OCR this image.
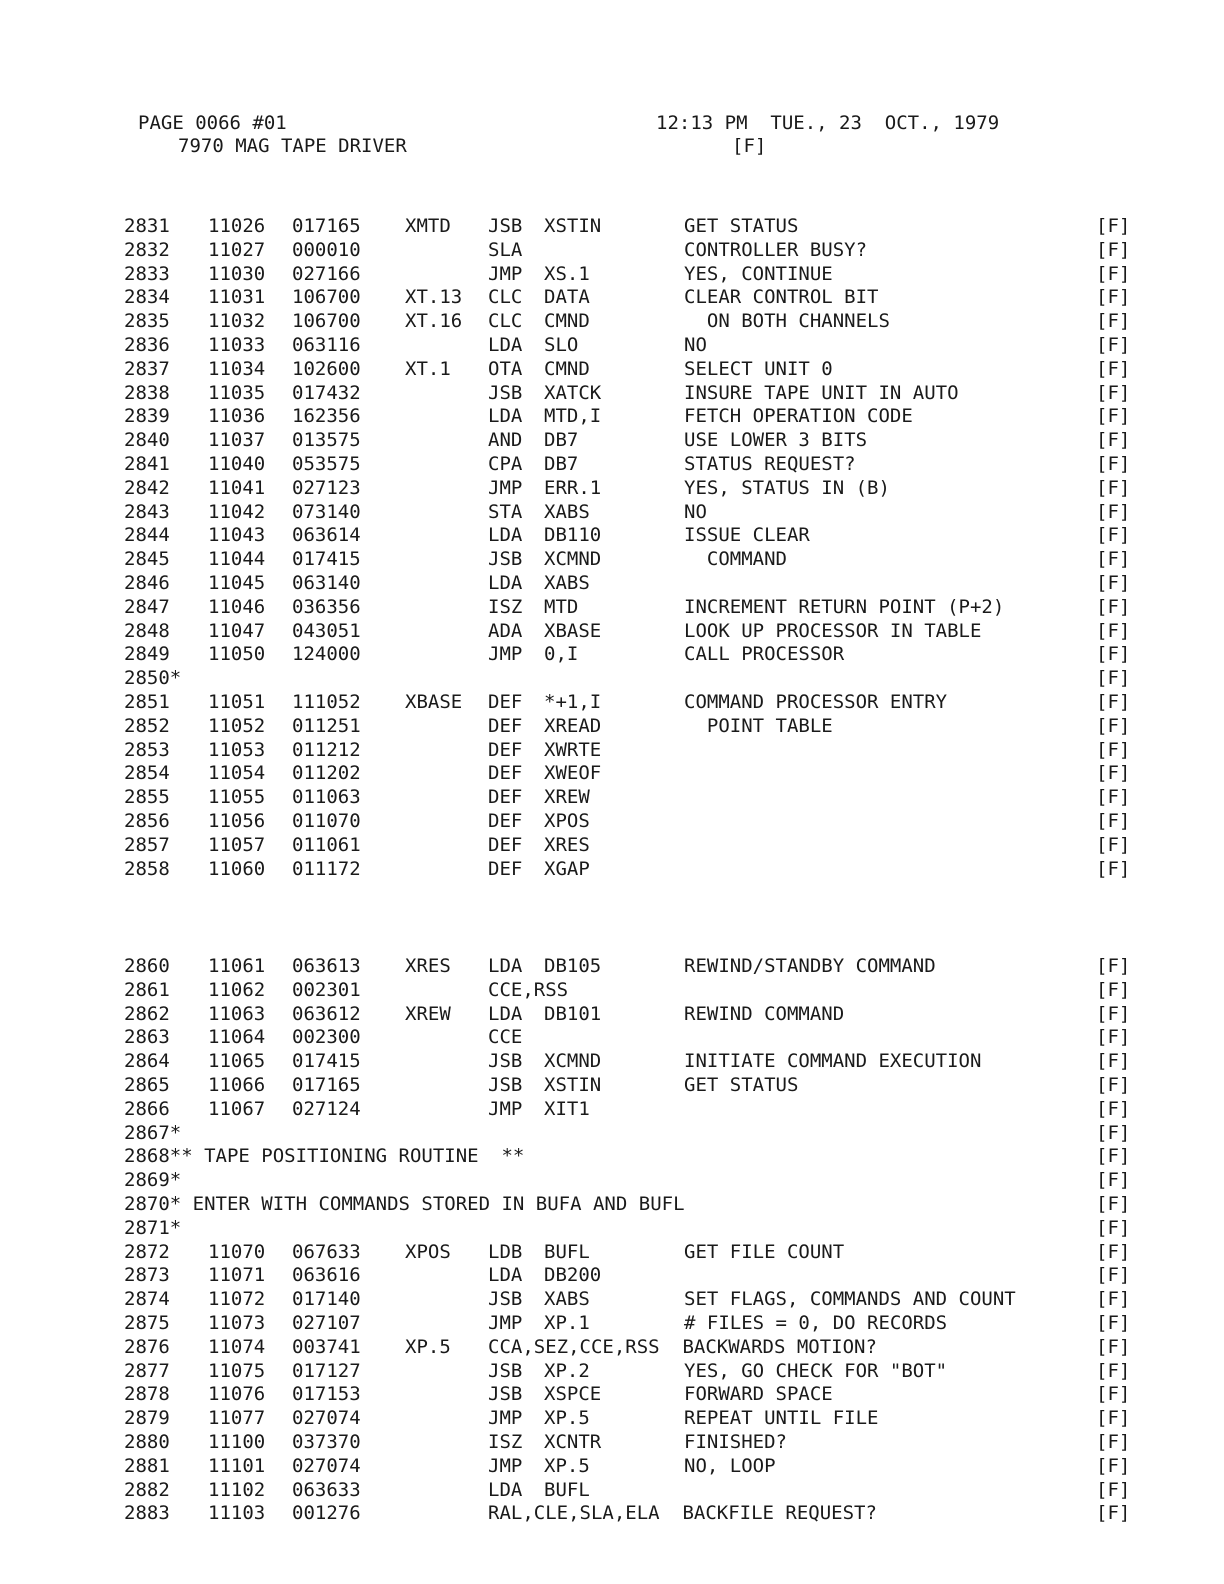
PAGE 0066 #01
7970 MAG TAPE DRIVER
12:13 PM  TUE., 23  OCT., 1979
[F]
2831 11026 017165 XMTD JSB XSTIN	GET STATUS	[F]
2832 11027 000010	SLA	CONTROLLER BUSY?	[F]
2833 11030 027166	JMP XS.1	YES, CONTINUE	[F]
2834 11031 106700 XT.13 CLC DATA	CLEAR CONTROL BIT	[F]
2835 11032 106700 XT.16 CLC CMND	ON BOTH CHANNELS	[F]
2836 11033 063116	LDA SLO	NO	[F]
2837 11034 102600 XT.1 OTA CMND	SELECT UNIT 0	[F]
2838 11035 017432	JSB XATCK	INSURE TAPE UNIT IN AUTO	[F]
2839 11036 162356	LDA MTD,I	FETCH OPERATION CODE	[F]
2840 11037 013575	AND DB7	USE LOWER 3 BITS	[F]
2841 11040 053575	CPA DB7	STATUS REQUEST?	[F]
2842 11041 027123	JMP ERR.1	YES, STATUS IN (B)	[F]
2843 11042 073140	STA XABS	NO	[F]
2844 11043 063614	LDA DB110	ISSUE CLEAR	[F]
2845 11044 017415	JSB XCMND	COMMAND	[F]
2846 11045 063140	LDA XABS	[F]
2847 11046 036356	ISZ MTD	INCREMENT RETURN POINT (P+2)	[F]
2848 11047 043051	ADA XBASE	LOOK UP PROCESSOR IN TABLE	[F]
2849 11050 124000	JMP 0,I	CALL PROCESSOR	[F]
2850*	[F]
2851 11051 111052 XBASE DEF *+1,I	COMMAND PROCESSOR ENTRY	[F]
2852 11052 011251	DEF XREAD	POINT TABLE	[F]
2853 11053 011212	DEF XWRTE	[F]
2854 11054 011202	DEF XWEOF	[F]
2855 11055 011063	DEF XREW	[F]
2856 11056 011070	DEF XPOS	[F]
2857 11057 011061	DEF XRES	[F]
2858 11060 011172	DEF XGAP	[F]
2860 11061 063613 XRES LDA DB105	REWIND/STANDBY COMMAND	[F]
2861 11062 002301	CCE,RSS	[F]
2862 11063 063612 XREW LDA DB101	REWIND COMMAND	[F]
2863 11064 002300	CCE	[F]
2864 11065 017415	JSB XCMND	INITIATE COMMAND EXECUTION	[F]
2865 11066 017165	JSB XSTIN	GET STATUS	[F]
2866 11067 027124	JMP XIT1	[F]
2867*	[F]
2868** TAPE POSITIONING ROUTINE  **	[F]
2869*	[F]
2870* ENTER WITH COMMANDS STORED IN BUFA AND BUFL	[F]
2871*	[F]
2872 11070 067633 XPOS LDB BUFL	GET FILE COUNT	[F]
2873 11071 063616	LDA DB200	[F]
2874 11072 017140	JSB XABS	SET FLAGS, COMMANDS AND COUNT	[F]
2875 11073 027107	JMP XP.1	# FILES = 0, DO RECORDS	[F]
2876 11074 003741 XP.5 CCA,SEZ,CCE,RSS  BACKWARDS MOTION?	[F]
2877 11075 017127	JSB XP.2	YES, GO CHECK FOR "BOT"	[F]
2878 11076 017153	JSB XSPCE	FORWARD SPACE	[F]
2879 11077 027074	JMP XP.5	REPEAT UNTIL FILE	[F]
2880 11100 037370	ISZ XCNTR	FINISHED?	[F]
2881 11101 027074	JMP XP.5	NO, LOOP	[F]
2882 11102 063633	LDA BUFL	[F]
2883 11103 001276	RAL,CLE,SLA,ELA  BACKFILE REQUEST?	[F]
